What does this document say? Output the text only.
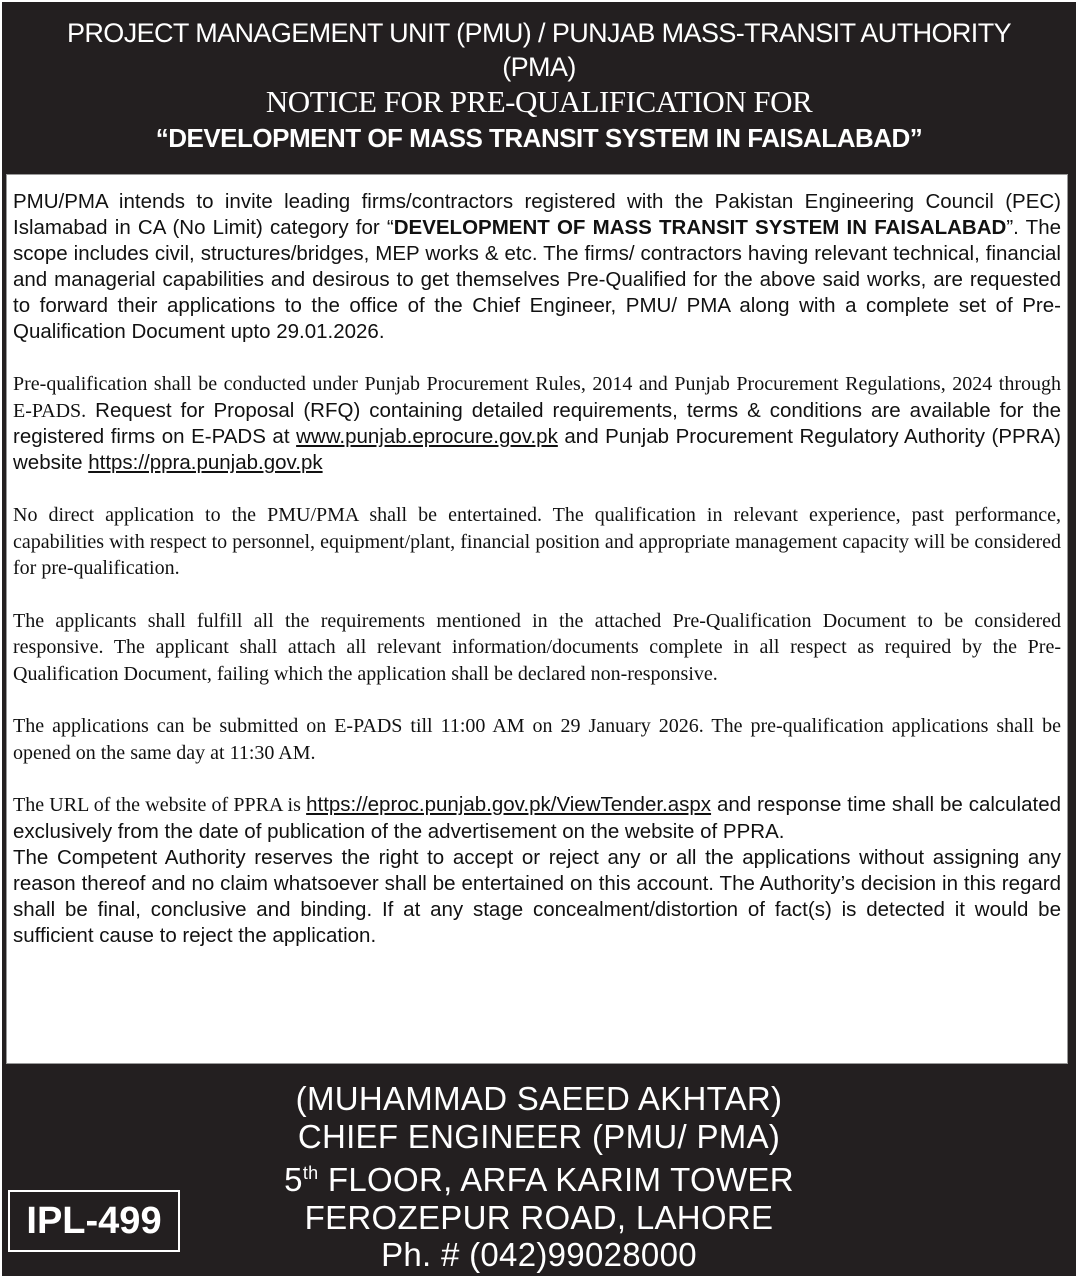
PROJECT MANAGEMENT UNIT (PMU) / PUNJAB MASS-TRANSIT AUTHORITY
(PMA)
NOTICE FOR PRE-QUALIFICATION FOR
“DEVELOPMENT OF MASS TRANSIT SYSTEM IN FAISALABAD”

PMU/PMA intends to invite leading firms/contractors registered with the Pakistan Engineering Council (PEC) Islamabad in CA (No Limit) category for “DEVELOPMENT OF MASS TRANSIT SYSTEM IN FAISALABAD”. The scope includes civil, structures/bridges, MEP works & etc. The firms/ contractors having relevant technical, financial and managerial capabilities and desirous to get themselves Pre-Qualified for the above said works, are requested to forward their applications to the office of the Chief Engineer, PMU/ PMA along with a complete set of Pre-Qualification Document upto 29.01.2026.

Pre-qualification shall be conducted under Punjab Procurement Rules, 2014 and Punjab Procurement Regulations, 2024 through E-PADS. Request for Proposal (RFQ) containing detailed requirements, terms & conditions are available for the registered firms on E-PADS at www.punjab.eprocure.gov.pk and Punjab Procurement Regulatory Authority (PPRA) website https://ppra.punjab.gov.pk

No direct application to the PMU/PMA shall be entertained. The qualification in relevant experience, past performance, capabilities with respect to personnel, equipment/plant, financial position and appropriate management capacity will be considered for pre-qualification.

The applicants shall fulfill all the requirements mentioned in the attached Pre-Qualification Document to be considered responsive. The applicant shall attach all relevant information/documents complete in all respect as required by the Pre-Qualification Document, failing which the application shall be declared non-responsive.

The applications can be submitted on E-PADS till 11:00 AM on 29 January 2026. The pre-qualification applications shall be opened on the same day at 11:30 AM.

The URL of the website of PPRA is https://eproc.punjab.gov.pk/ViewTender.aspx and response time shall be calculated exclusively from the date of publication of the advertisement on the website of PPRA.

The Competent Authority reserves the right to accept or reject any or all the applications without assigning any reason thereof and no claim whatsoever shall be entertained on this account. The Authority’s decision in this regard shall be final, conclusive and binding. If at any stage concealment/distortion of fact(s) is detected it would be sufficient cause to reject the application.

(MUHAMMAD SAEED AKHTAR)
CHIEF ENGINEER (PMU/ PMA)
5th FLOOR, ARFA KARIM TOWER
FEROZEPUR ROAD, LAHORE
Ph. # (042)99028000
IPL-499
